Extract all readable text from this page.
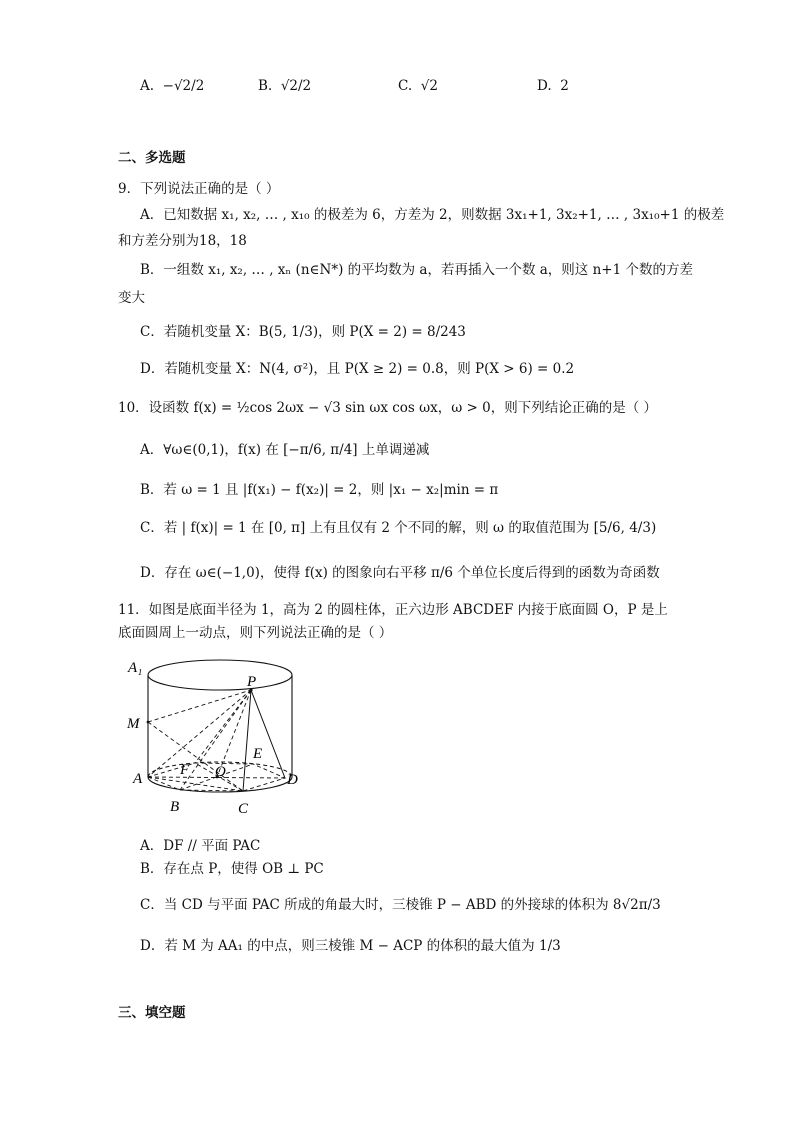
A. −√2/2	B. √2/2	C. √2	D. 2
二、多选题
9．下列说法正确的是（ ）
A．已知数据 x₁, x₂, … , x₁₀ 的极差为 6，方差为 2，则数据 3x₁+1, 3x₂+1, … , 3x₁₀+1 的极差
和方差分别为18，18
B．一组数 x₁, x₂, … , xₙ (n∈N*) 的平均数为 a，若再插入一个数 a，则这 n+1 个数的方差
变大
C．若随机变量 X：B(5, 1/3)，则 P(X = 2) = 8/243
D．若随机变量 X：N(4, σ²)，且 P(X ≥ 2) = 0.8，则 P(X > 6) = 0.2
10．设函数 f(x) = ½cos 2ωx − √3 sin ωx cos ωx，ω > 0，则下列结论正确的是（ ）
A．∀ω∈(0,1)，f(x) 在 [−π/6, π/4] 上单调递减
B．若 ω = 1 且 |f(x₁) − f(x₂)| = 2，则 |x₁ − x₂|min = π
C．若 | f(x)| = 1 在 [0, π] 上有且仅有 2 个不同的解，则 ω 的取值范围为 [5/6, 4/3)
D．存在 ω∈(−1,0)，使得 f(x) 的图象向右平移 π/6 个单位长度后得到的函数为奇函数
11．如图是底面半径为 1，高为 2 的圆柱体，正六边形 ABCDEF 内接于底面圆 O，P 是上
底面圆周上一动点，则下列说法正确的是（ ）
A₁
P
M
E
F O
A	D
B	C
A．DF // 平面 PAC
B．存在点 P，使得 OB ⊥ PC
C．当 CD 与平面 PAC 所成的角最大时，三棱锥 P − ABD 的外接球的体积为 8√2π/3
D．若 M 为 AA₁ 的中点，则三棱锥 M − ACP 的体积的最大值为 1/3
三、填空题
